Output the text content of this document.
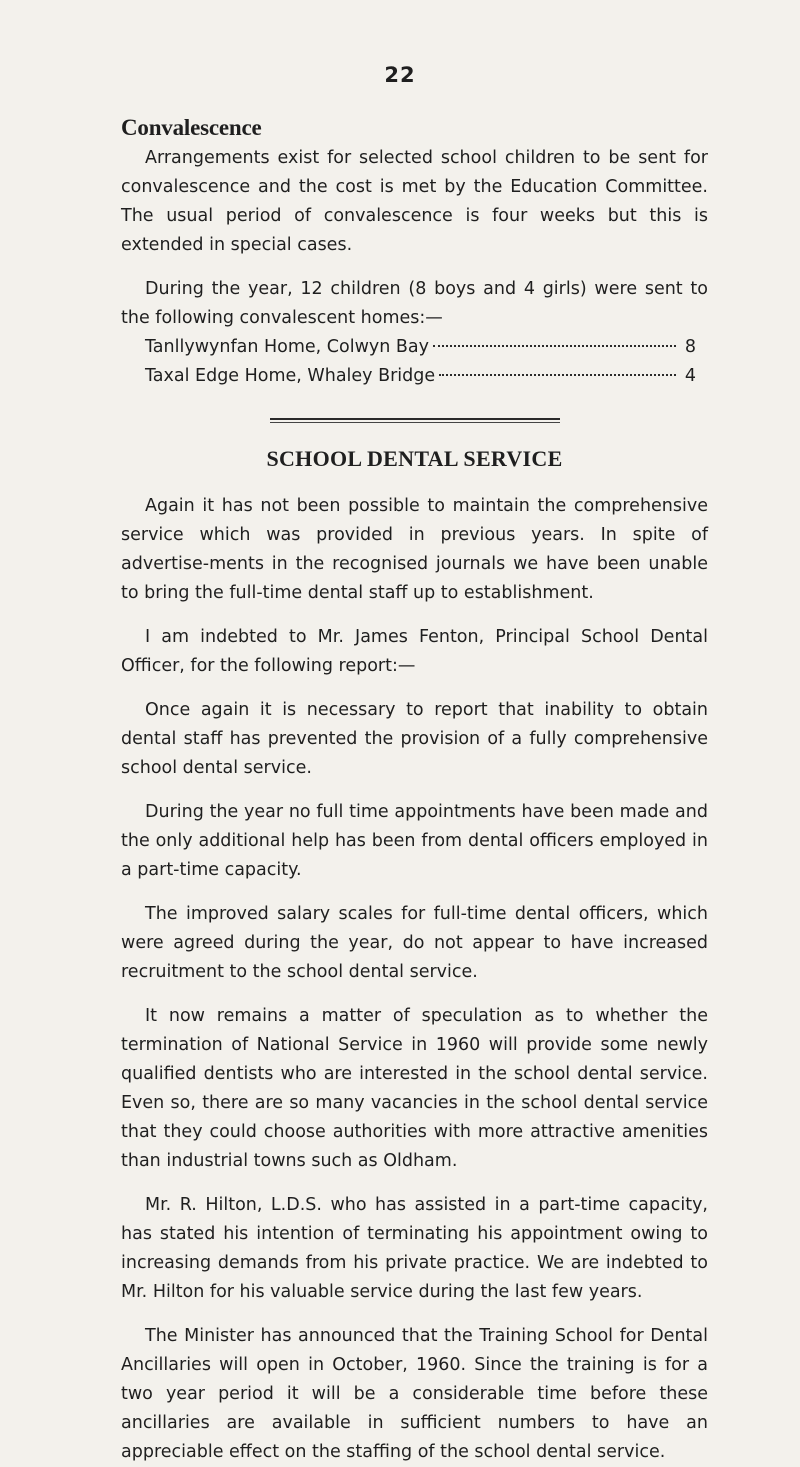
22
Convalescence

Arrangements exist for selected school children to be sent for convalescence and the cost is met by the Education Committee. The usual period of convalescence is four weeks but this is extended in special cases.

During the year, 12 children (8 boys and 4 girls) were sent to the following convalescent homes:—

Tanllywynfan Home, Colwyn Bay	8
Taxal Edge Home, Whaley Bridge	4
SCHOOL DENTAL SERVICE

Again it has not been possible to maintain the comprehensive service which was provided in previous years. In spite of advertise-ments in the recognised journals we have been unable to bring the full-time dental staff up to establishment.

I am indebted to Mr. James Fenton, Principal School Dental Officer, for the following report:—

Once again it is necessary to report that inability to obtain dental staff has prevented the provision of a fully comprehensive school dental service.

During the year no full time appointments have been made and the only additional help has been from dental officers employed in a part-time capacity.

The improved salary scales for full-time dental officers, which were agreed during the year, do not appear to have increased recruitment to the school dental service.

It now remains a matter of speculation as to whether the termination of National Service in 1960 will provide some newly qualified dentists who are interested in the school dental service. Even so, there are so many vacancies in the school dental service that they could choose authorities with more attractive amenities than industrial towns such as Oldham.

Mr. R. Hilton, L.D.S. who has assisted in a part-time capacity, has stated his intention of terminating his appointment owing to increasing demands from his private practice. We are indebted to Mr. Hilton for his valuable service during the last few years.

The Minister has announced that the Training School for Dental Ancillaries will open in October, 1960. Since the training is for a two year period it will be a considerable time before these ancillaries are available in sufficient numbers to have an appreciable effect on the staffing of the school dental service.
